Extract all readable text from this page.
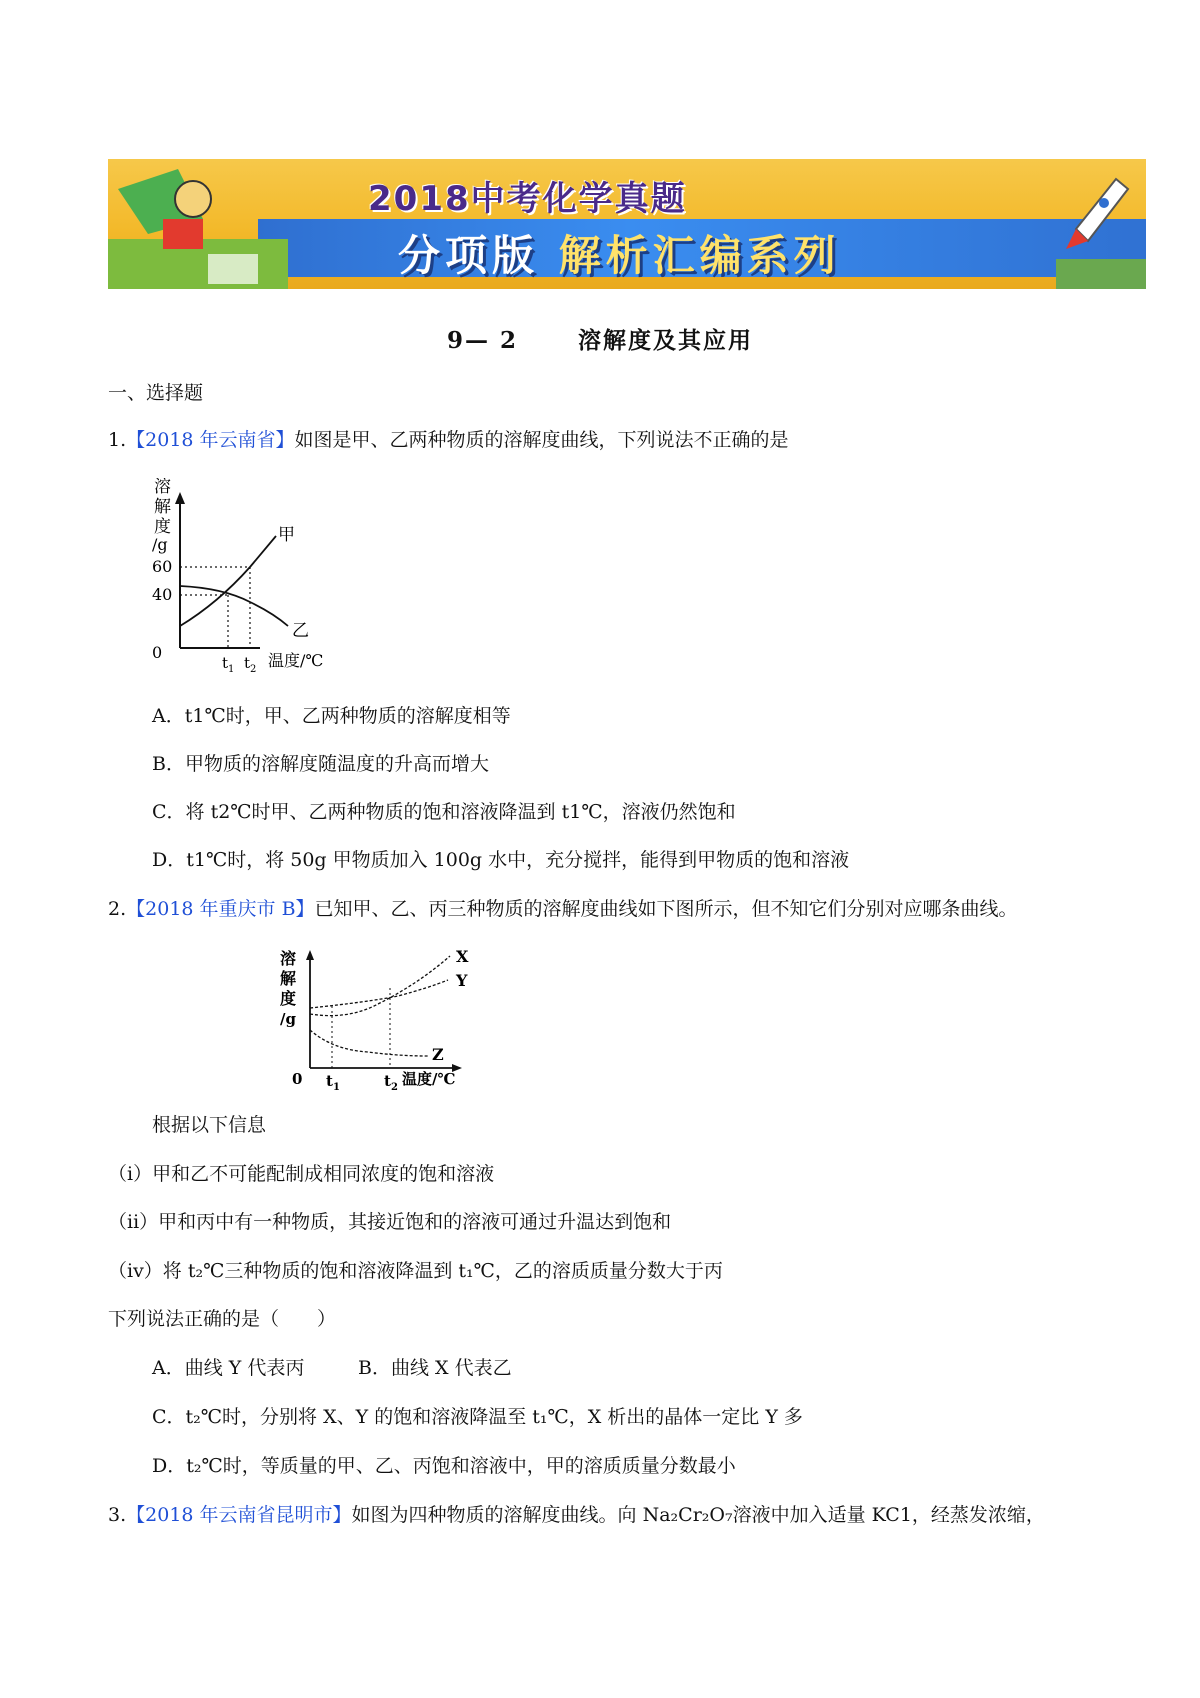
2018中考化学真题
分项版 解析汇编系列
9— 2      溶解度及其应用
一、选择题
1.【2018 年云南省】如图是甲、乙两种物质的溶解度曲线，下列说法不正确的是
溶
解
度
/g
0
60
40
甲
乙
$t_1$ $t_2$ 温度/℃
A．t1℃时，甲、乙两种物质的溶解度相等
B．甲物质的溶解度随温度的升高而增大
C．将 t2℃时甲、乙两种物质的饱和溶液降温到 t1℃，溶液仍然饱和
D．t1℃时，将 50g 甲物质加入 100g 水中，充分搅拌，能得到甲物质的饱和溶液
2.【2018 年重庆市 B】已知甲、乙、丙三种物质的溶解度曲线如下图所示，但不知它们分别对应哪条曲线。
溶
解
度
/g
0
X
Y
Z
$t_1$	$t_2$ 温度/℃
根据以下信息
（ⅰ）甲和乙不可能配制成相同浓度的饱和溶液
（ⅱ）甲和丙中有一种物质，其接近饱和的溶液可通过升温达到饱和
（ⅳ）将 t₂℃三种物质的饱和溶液降温到 t₁℃，乙的溶质质量分数大于丙
下列说法正确的是（　　）
A．曲线 Y 代表丙	B．曲线 X 代表乙
C．t₂℃时，分别将 X、Y 的饱和溶液降温至 t₁℃，X 析出的晶体一定比 Y 多
D．t₂℃时，等质量的甲、乙、丙饱和溶液中，甲的溶质质量分数最小
3.【2018 年云南省昆明市】如图为四种物质的溶解度曲线。向 Na₂Cr₂O₇溶液中加入适量 KC1，经蒸发浓缩，
